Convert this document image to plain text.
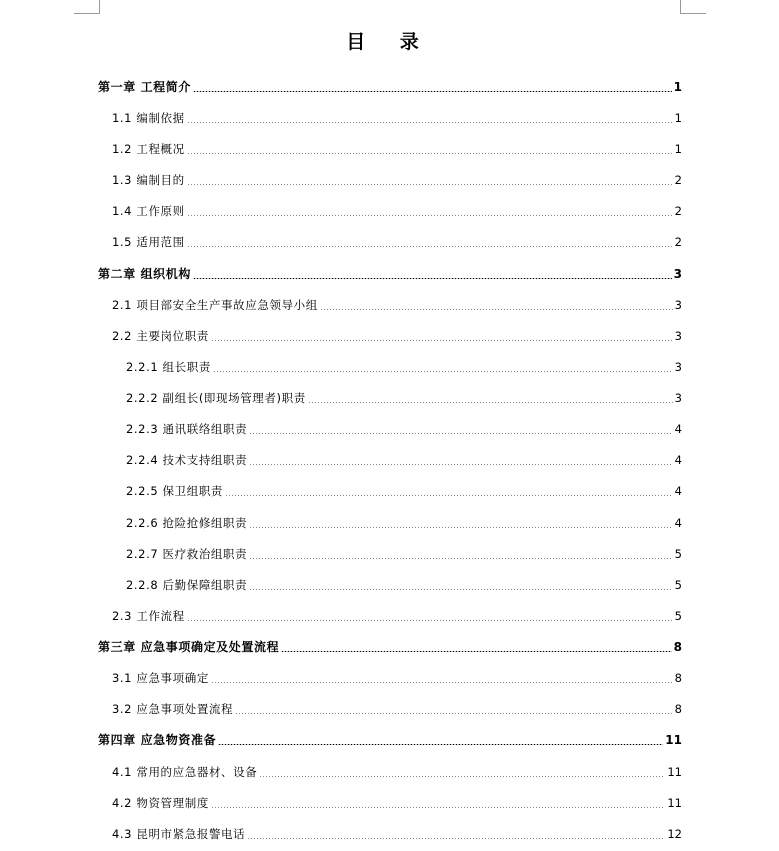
目 录
第一章 工程简介	1
1.1 编制依据	1
1.2 工程概况	1
1.3 编制目的	2
1.4 工作原则	2
1.5 适用范围	2
第二章 组织机构	3
2.1 项目部安全生产事故应急领导小组	3
2.2 主要岗位职责	3
2.2.1 组长职责	3
2.2.2 副组长(即现场管理者)职责	3
2.2.3 通讯联络组职责	4
2.2.4 技术支持组职责	4
2.2.5 保卫组职责	4
2.2.6 抢险抢修组职责	4
2.2.7 医疗救治组职责	5
2.2.8 后勤保障组职责	5
2.3 工作流程	5
第三章 应急事项确定及处置流程	8
3.1 应急事项确定	8
3.2 应急事项处置流程	8
第四章 应急物资准备	11
4.1 常用的应急器材、设备	11
4.2 物资管理制度	11
4.3 昆明市紧急报警电话	12
